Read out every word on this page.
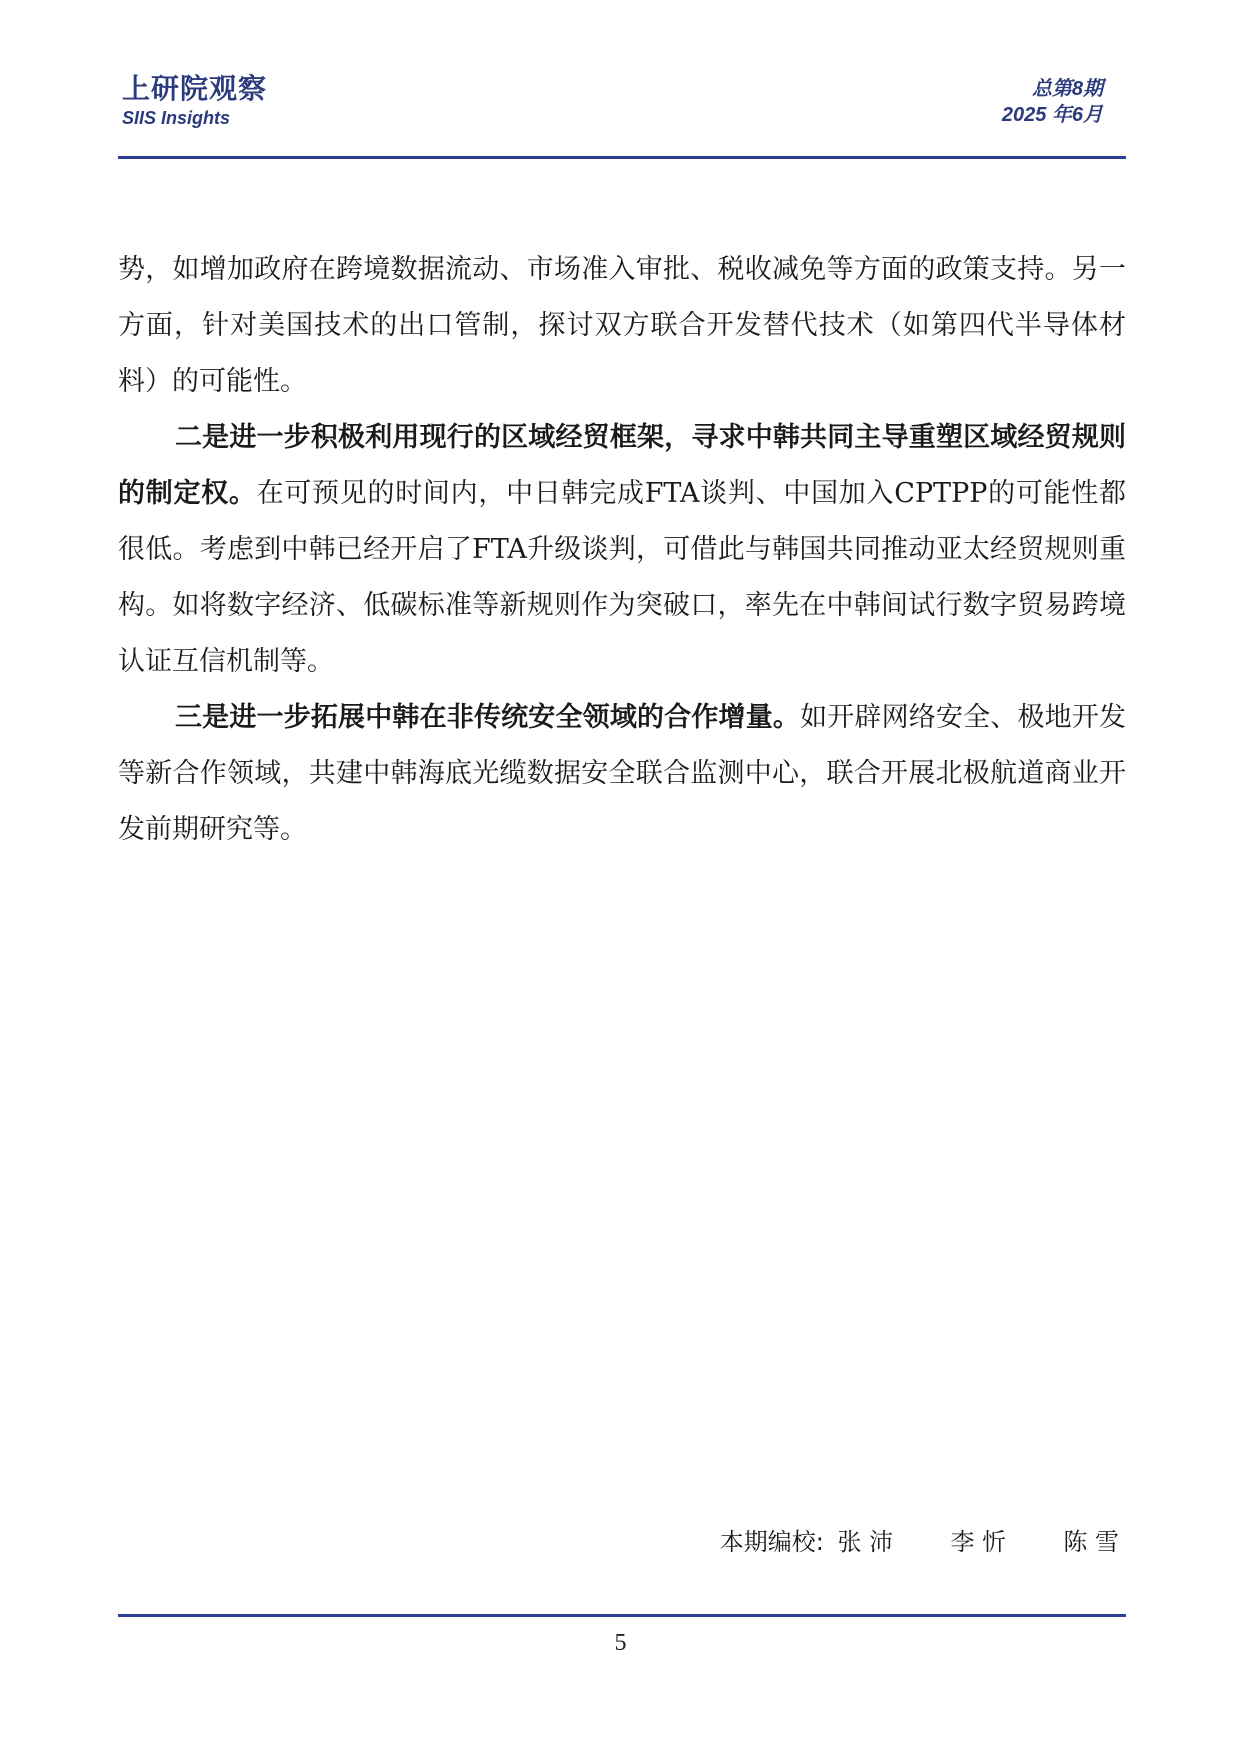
上研院观察
SIIS Insights
总第8期
2025 年6月

势，如增加政府在跨境数据流动、市场准入审批、税收减免等方面的政策支持。另一方面，针对美国技术的出口管制，探讨双方联合开发替代技术（如第四代半导体材料）的可能性。

二是进一步积极利用现行的区域经贸框架，寻求中韩共同主导重塑区域经贸规则的制定权。在可预见的时间内，中日韩完成FTA谈判、中国加入CPTPP的可能性都很低。考虑到中韩已经开启了FTA升级谈判，可借此与韩国共同推动亚太经贸规则重构。如将数字经济、低碳标准等新规则作为突破口，率先在中韩间试行数字贸易跨境认证互信机制等。

三是进一步拓展中韩在非传统安全领域的合作增量。如开辟网络安全、极地开发等新合作领域，共建中韩海底光缆数据安全联合监测中心，联合开展北极航道商业开发前期研究等。

本期编校: 张 沛 李 忻 陈 雪
5
